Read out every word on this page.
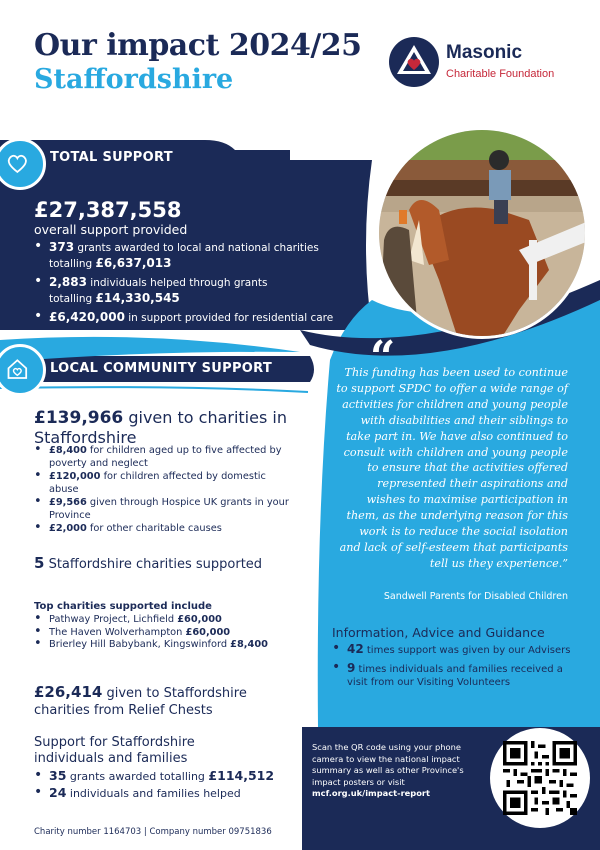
Our impact 2024/25
Staffordshire
Masonic
Charitable Foundation
TOTAL SUPPORT
£27,387,558
overall support provided
• 373 grants awarded to local and national charities
totalling £6,637,013
• 2,883 individuals helped through grants
totalling £14,330,545
• £6,420,000 in support provided for residential care
LOCAL COMMUNITY SUPPORT
£139,966 given to charities in Staffordshire
• £8,400 for children aged up to five affected by poverty and neglect
• £120,000 for children affected by domestic abuse
• £9,566 given through Hospice UK grants in your Province
• £2,000 for other charitable causes
5 Staffordshire charities supported
Top charities supported include
• Pathway Project, Lichfield £60,000
• The Haven Wolverhampton £60,000
• Brierley Hill Babybank, Kingswinford £8,400
£26,414 given to Staffordshire charities from Relief Chests
Support for Staffordshire individuals and families
• 35 grants awarded totalling £114,512
• 24 individuals and families helped
“
This funding has been used to continue to support SPDC to offer a wide range of activities for children and young people with disabilities and their siblings to take part in. We have also continued to consult with children and young people to ensure that the activities offered represented their aspirations and wishes to maximise participation in them, as the underlying reason for this work is to reduce the social isolation and lack of self-esteem that participants tell us they experience.”
Sandwell Parents for Disabled Children
Information, Advice and Guidance
• 42 times support was given by our Advisers
• 9 times individuals and families received a visit from our Visiting Volunteers
Scan the QR code using your phone camera to view the national impact summary as well as other Province's impact posters or visit mcf.org.uk/impact-report
Charity number 1164703 | Company number 09751836
